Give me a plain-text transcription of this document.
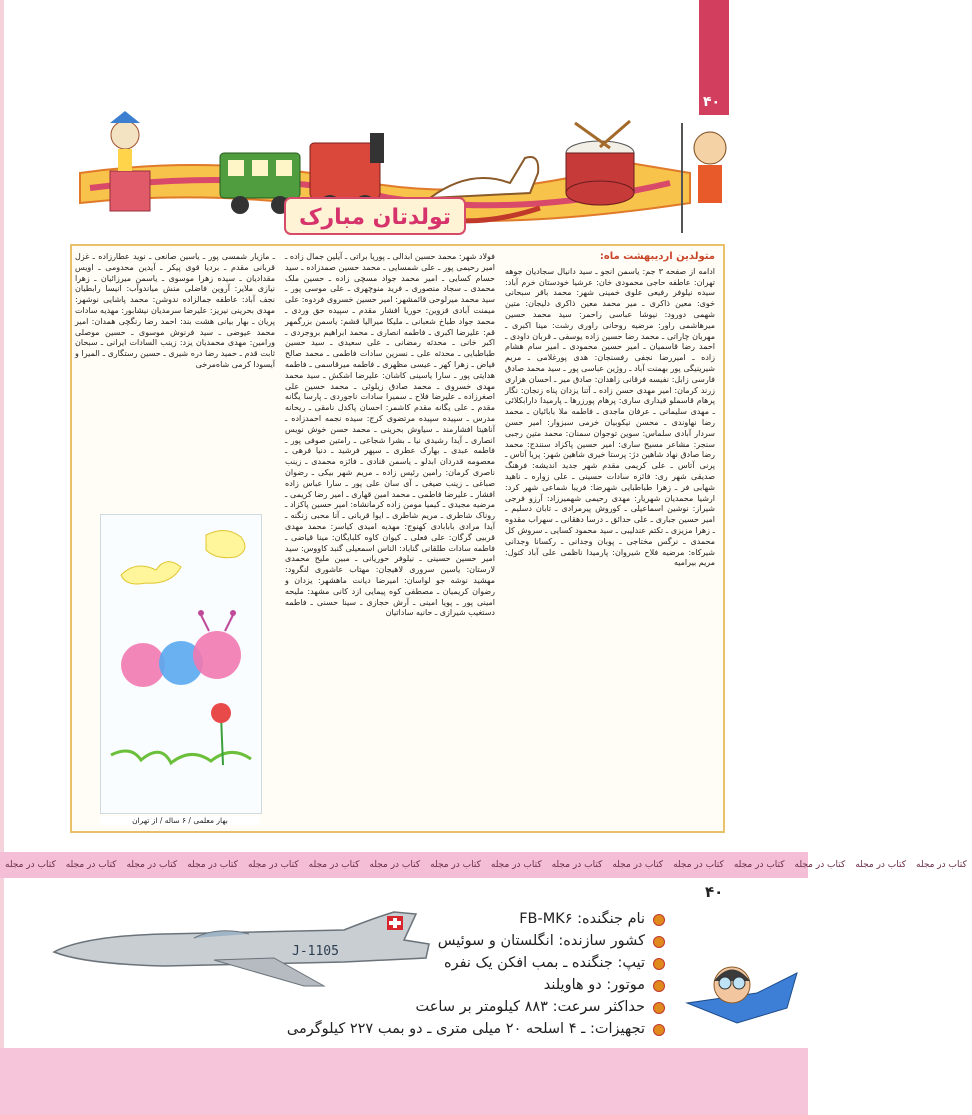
۴۰
تولدتان مبارک
متولدین اردیبهشت ماه:
ادامه از صفحه ۳ جم: یاسمن انجو ـ سید دانیال سجادیان جوهه تهران: عاطفه حاجی محمودی خان: عرشیا خودستان خرم آباد: سیده نیلوفر رفیعی علوی خمینی شهر: محمد باقر سبحانی خوی: معین ذاکری ـ میر محمد معین ذاکری دلیجان: متین شهمی دورود: نیوشا عباسی راحمر: سید محمد حسین میرهاشمی راور: مرضیه روحانی راوری رشت: مینا اکبری ـ مهربان چاراتی ـ محمد رضا حسین زاده یوسفی ـ قربان داودی ـ احمد رضا قاسمیان ـ امیر حسین محمودی ـ امیر سام هشام زاده ـ امیررضا نجفی رفسنجان: هدی پورغلامی ـ مریم شیرینیگی پور بهمنت آباد ـ روژین عباسی پور ـ سید محمد صادق فارسی زابل: نفیسه فرقانی زاهدان: صادق میر ـ احسان هزاری زرند کرمان: امیر مهدی حسن زاده ـ آتنا یزدان پناه زنجان: نگار پرهام قاسملو قیداری ساری: پرهام پورزرها ـ پارمیدا دارابکلائی ـ مهدی سلیمانی ـ عرفان ماجدی ـ فاطمه ملا بابائیان ـ محمد رضا نهاوندی ـ محسن نیکوبیان خرمی سبزوار: امیر حسن سردار آبادی سلماس: سوین توجوان سمنان: محمد متین رجبی سنجر: مشاعر مسیح ساری: امیر حسین پاکزاد سنندج: محمد رضا صادق نهاد شاهین دژ: پرستا خیری شاهین شهر: پریا آتاس ـ پرنی آتاس ـ علی کریمی مقدم شهر جدید اندیشه: فرهنگ صدیقی شهر ری: فائزه سادات حسینی ـ علی زواره ـ ناهید شهابی فر ـ زهرا طباطبایی شهرضا: فریبا شماعی شهر کرد: ارشیا محمدیان شهریار: مهدی رحیمی شهمیرزاد: آرزو فرجی شیراز: نوشین اسماعیلی ـ کوروش پیرمرادی ـ تابان دسلیم ـ امیر حسین جباری ـ علی حدائق ـ درسا دهقانی ـ سهراب مقدوه ـ زهرا مزیزی ـ تکتم عندلیبی ـ سید محمود کسایی ـ سروش کل محمدی ـ نرگس مختاجی ـ پوبان وجدانی ـ رکسانا وجدانی شیرکاه: مرضیه فلاح شیروان: پارمیدا ناظمی علی آباد کتول: مریم بیرامیه
فولاد شهر: محمد حسین ابدالی ـ پوریا براتی ـ آیلین جمال زاده ـ امیر رحیمی پور ـ علی شمسایی ـ محمد حسین صمدزاده ـ سید حسام کسایی ـ امیر محمد جواد مسچی زاده ـ حسین ملک محمدی ـ سجاد منصوری ـ فرید منوچهری ـ علی موسی پور ـ سید محمد میرلوحی قائمشهر: امیر حسین خسروی فردوه: علی میمنت آبادی قزوین: حوریا افشار مقدم ـ سپیده حق وردی ـ محمد جواد طباخ شعبانی ـ ملیکا میرالیا قشم: یاسمن بزرگمهر قم: علیرضا اکبری ـ فاطمه انصاری ـ محمد ابراهیم بروجردی ـ اکبر خانی ـ محدثه رمضانی ـ علی سعیدی ـ سید حسین طباطبایی ـ محدثه علی ـ نسرین سادات فاطمی ـ محمد صالح فیاض ـ زهرا کهر ـ عیسی مظهری ـ فاطمه میرقاسمی ـ فاطمه هدایتی پور ـ سارا یاسینی کاشان: علیرضا اشکش ـ سید محمد مهدی خسروی ـ محمد صادق زیلوئی ـ محمد حسین علی اصغرزاده ـ علیرضا فلاح ـ سمیرا سادات ناجوردی ـ پارسا یگانه مقدم ـ علی یگانه مقدم کاشمر: احسان پاکدل نامقی ـ ریحانه مدرس ـ سپیده سپیده مرتضوی کرج: سیده نجمه احمدزاده ـ آناهیتا افشارمند ـ سیاوش بحرینی ـ محمد حسن خوش نویس انصاری ـ آیدا رشیدی نیا ـ بشرا شجاعی ـ رامتین صوفی پور ـ فاطمه عبدی ـ بهارک عطری ـ سپهر فرشید ـ دنیا فرهی ـ معصومه قدردان ابدلو ـ یاسمن قنادی ـ فائزه محمدی ـ زینب ناصری کرمان: رامین رئیس زاده ـ مریم شهر بیکی ـ رضوان صباغی ـ زینب صیغی ـ آی سان علی پور ـ سارا عباس زاده افشار ـ علیرضا فاطمی ـ محمد امین قهاری ـ امیر رضا کریمی ـ مرضیه مجیدی ـ کیمیا مومن زاده کرمانشاه: امیر حسین پاکزاد ـ روناک شاطری ـ مریم شاطری ـ ایوا قربانی ـ آنا محبی زنگنه ـ آیدا مرادی بابابادی کهنوج: مهدیه امیدی کیاسر: محمد مهدی قربیی گرگان: علی فعلی ـ کیوان کاوه کلبایگان: مینا قیاضی ـ فاطمه سادات طلقانی گناباد: الناس اسمعیلی گنبد کاووس: سید امیر حسین حسینی ـ نیلوفر حوریانی ـ مبین ملیح محمدی لارستان: یاسین سروری لاهیجان: مهتاب عاشوری لنگرود: مهشید نوشه جو لواسان: امیرضا دیانت ماهشهر: یزدان و رضوان کریمیان ـ مصطفی کوه پیمایی ازد کانی مشهد: مليحه امینی پور ـ پویا امینی ـ آرش حجازی ـ سینا حسنی ـ فاطمه دستغیب شیرازی ـ حانیه ساداتیان
ـ مازیار شمسی پور ـ یاسین صانعی ـ نوید عطارزاده ـ غزل قربانی مقدم ـ بردیا قوی پیکر ـ آیدین محدومی ـ اویس مقدادیان ـ سیده زهرا موسوی ـ یاسمن میرزائیان ـ زهرا نیازی ملایر: آروین فاضلی منش میاندوآب: انیسا رابطیان نجف آباد: عاطفه جمالزاده ندوشن: محمد پاشایی نوشهر: مهدی بحرینی نیریز: علیرضا سرمدیان نیشابور: مهدیه سادات پریان ـ بهار بیانی هشت بند: احمد رضا رنگچی همدان: امیر محمد عیوضی ـ سید فرنوش موسوی ـ حسین موصلی ورامین: مهدی محمدیان یزد: زینب السادات ایرانی ـ سبحان ثابت قدم ـ حمید رضا دره شیری ـ حسین رستگاری ـ المیرا و آیسودا کرمی شاه‌مرخی
بهار معلمی / ۶ ساله / از تهران
کتاب در مجله	کتاب در مجله	کتاب در مجله	کتاب در مجله	کتاب در مجله	کتاب در مجله	کتاب در مجله	کتاب در مجله	کتاب در مجله	کتاب در مجله	کتاب در مجله	کتاب در مجله	کتاب در مجله	کتاب در مجله	کتاب در مجله	کتاب در مجله
۴۰
J-1105
نام جنگنده: FB-MK۶
کشور سازنده: انگلستان و سوئیس
تیپ: جنگنده ـ بمب افکن یک نفره
موتور: دو هاویلند
حداکثر سرعت: ۸۸۳ کیلومتر بر ساعت
تجهیزات: ـ ۴ اسلحه ۲۰ میلی متری ـ دو بمب ۲۲۷ کیلوگرمی
